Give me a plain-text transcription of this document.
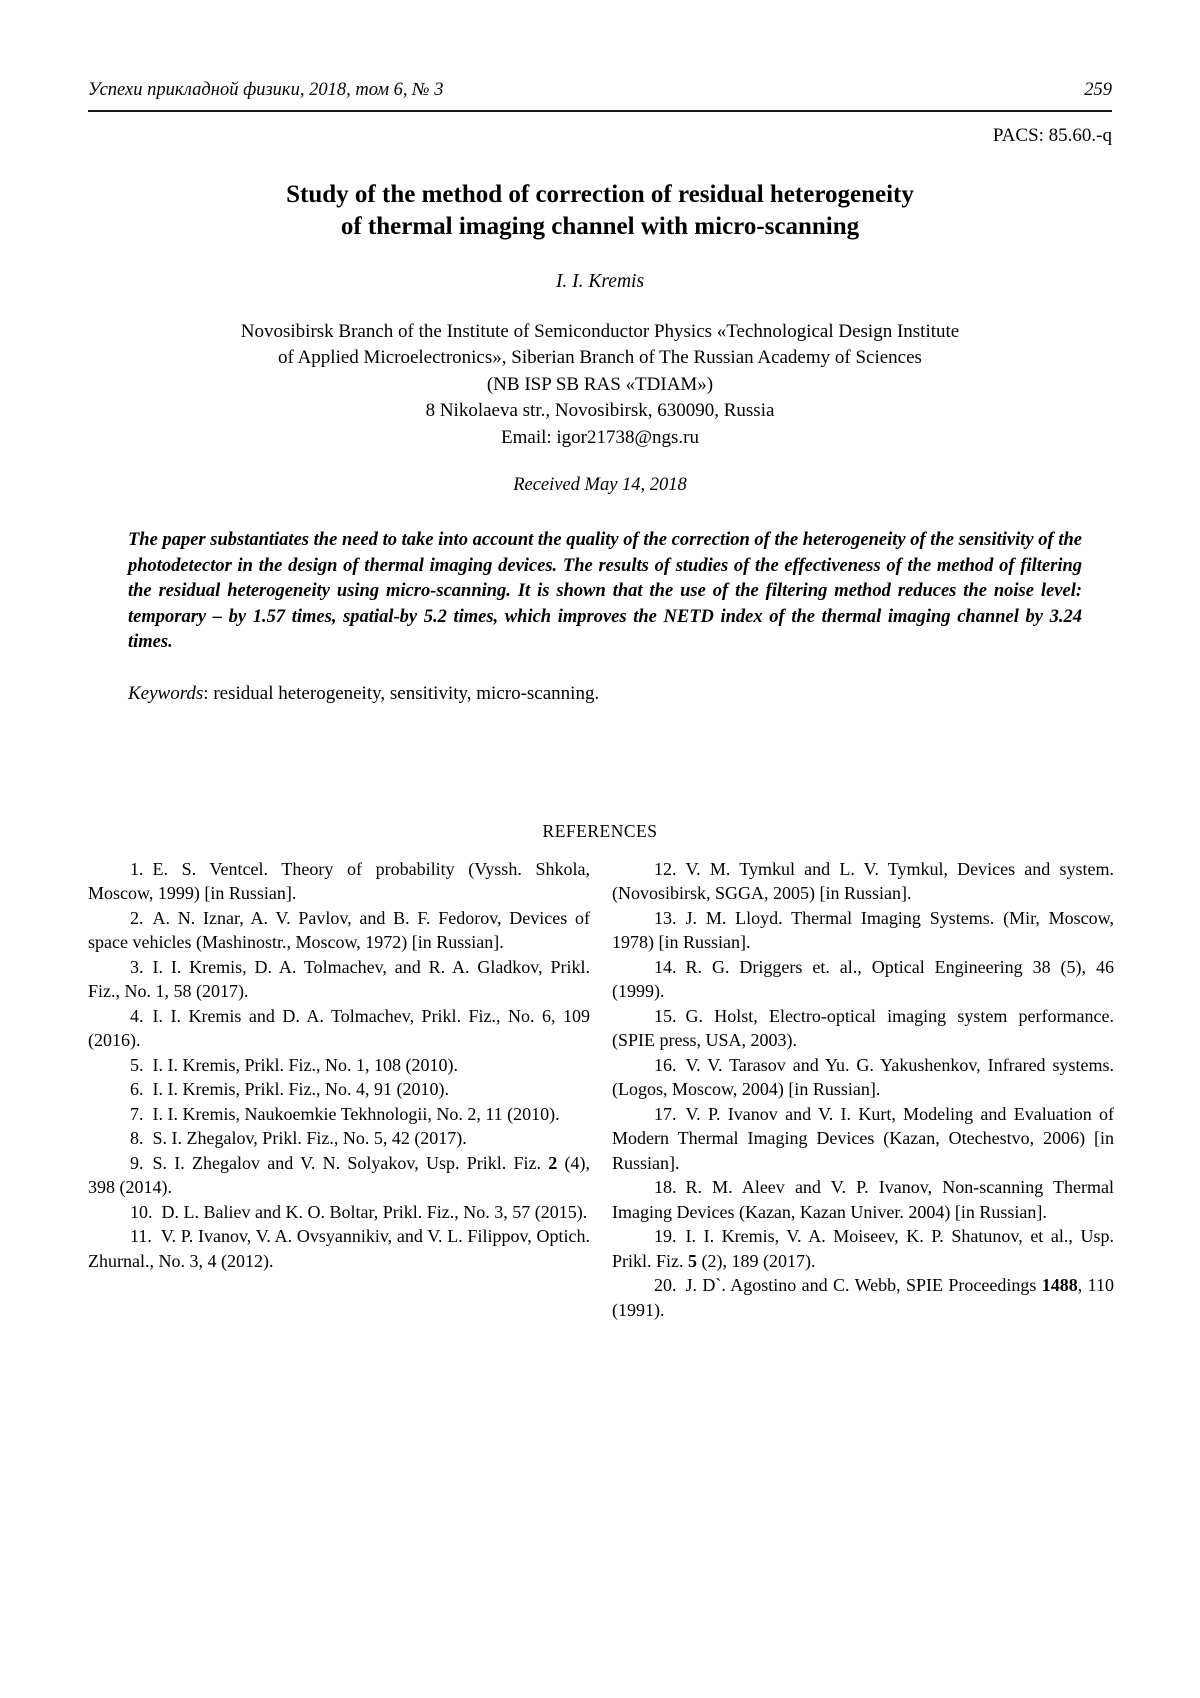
Успехи прикладной физики, 2018, том 6, № 3	259
PACS: 85.60.-q
Study of the method of correction of residual heterogeneity
of thermal imaging channel with micro-scanning
I. I. Kremis
Novosibirsk Branch of the Institute of Semiconductor Physics «Technological Design Institute
of Applied Microelectronics», Siberian Branch of The Russian Academy of Sciences
(NB ISP SB RAS «TDIAM»)
8 Nikolaeva str., Novosibirsk, 630090, Russia
Email: igor21738@ngs.ru
Received May 14, 2018

The paper substantiates the need to take into account the quality of the correction of the heterogeneity of the sensitivity of the photodetector in the design of thermal imaging devices. The results of studies of the effectiveness of the method of filtering the residual heterogeneity using micro-scanning. It is shown that the use of the filtering method reduces the noise level: temporary – by 1.57 times, spatial-by 5.2 times, which improves the NETD index of the thermal imaging channel by 3.24 times.

Keywords: residual heterogeneity, sensitivity, micro-scanning.

REFERENCES

1. E. S. Ventcel. Theory of probability (Vyssh. Shkola, Moscow, 1999) [in Russian].

2. A. N. Iznar, A. V. Pavlov, and B. F. Fedorov, Devices of space vehicles (Mashinostr., Moscow, 1972) [in Russian].

3. I. I. Kremis, D. A. Tolmachev, and R. A. Gladkov, Prikl. Fiz., No. 1, 58 (2017).

4. I. I. Kremis and D. A. Tolmachev, Prikl. Fiz., No. 6, 109 (2016).

5. I. I. Kremis, Prikl. Fiz., No. 1, 108 (2010).

6. I. I. Kremis, Prikl. Fiz., No. 4, 91 (2010).

7. I. I. Kremis, Naukoemkie Tekhnologii, No. 2, 11 (2010).

8. S. I. Zhegalov, Prikl. Fiz., No. 5, 42 (2017).

9. S. I. Zhegalov and V. N. Solyakov, Usp. Prikl. Fiz. 2 (4), 398 (2014).

10. D. L. Baliev and K. O. Boltar, Prikl. Fiz., No. 3, 57 (2015).

11. V. P. Ivanov, V. A. Ovsyannikiv, and V. L. Filippov, Optich. Zhurnal., No. 3, 4 (2012).

12. V. M. Tymkul and L. V. Tymkul, Devices and system. (Novosibirsk, SGGA, 2005) [in Russian].

13. J. M. Lloyd. Thermal Imaging Systems. (Mir, Moscow, 1978) [in Russian].

14. R. G. Driggers et. al., Optical Engineering 38 (5), 46 (1999).

15. G. Holst, Electro-optical imaging system performance. (SPIE press, USA, 2003).

16. V. V. Tarasov and Yu. G. Yakushenkov, Infrared systems. (Logos, Moscow, 2004) [in Russian].

17. V. P. Ivanov and V. I. Kurt, Modeling and Evaluation of Modern Thermal Imaging Devices (Kazan, Otechestvo, 2006) [in Russian].

18. R. M. Aleev and V. P. Ivanov, Non-scanning Thermal Imaging Devices (Kazan, Kazan Univer. 2004) [in Russian].

19. I. I. Kremis, V. A. Moiseev, K. P. Shatunov, et al., Usp. Prikl. Fiz. 5 (2), 189 (2017).

20. J. D`. Agostino and C. Webb, SPIE Proceedings 1488, 110 (1991).
